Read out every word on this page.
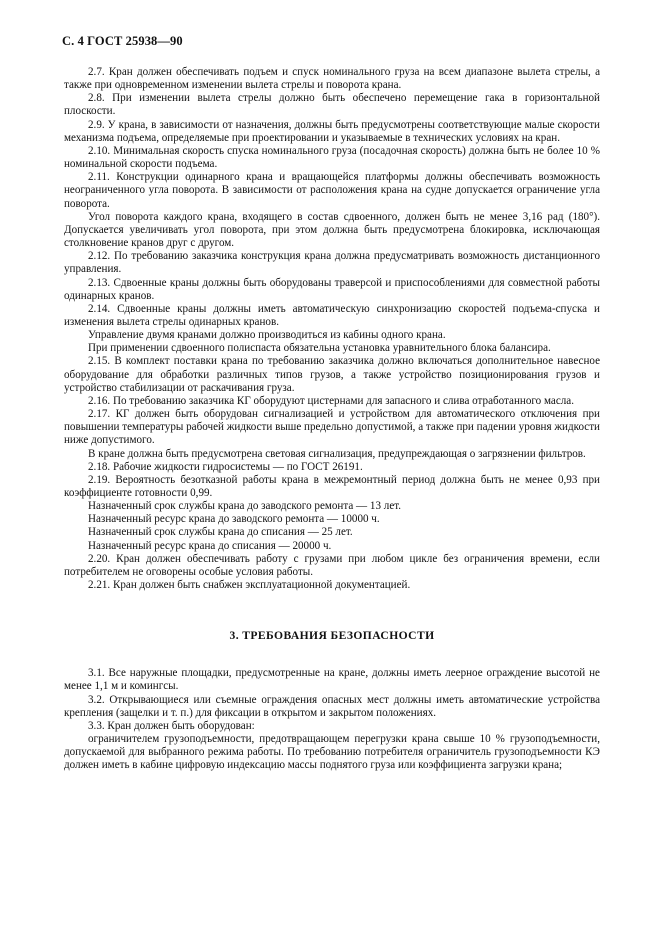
С. 4 ГОСТ 25938—90

2.7. Кран должен обеспечивать подъем и спуск номинального груза на всем диапазоне вылета стрелы, а также при одновременном изменении вылета стрелы и поворота крана.

2.8. При изменении вылета стрелы должно быть обеспечено перемещение гака в горизонтальной плоскости.

2.9. У крана, в зависимости от назначения, должны быть предусмотрены соответствующие малые скорости механизма подъема, определяемые при проектировании и указываемые в технических условиях на кран.

2.10. Минимальная скорость спуска номинального груза (посадочная скорость) должна быть не более 10 % номинальной скорости подъема.

2.11. Конструкции одинарного крана и вращающейся платформы должны обеспечивать возможность неограниченного угла поворота. В зависимости от расположения крана на судне допускается ограничение угла поворота.

Угол поворота каждого крана, входящего в состав сдвоенного, должен быть не менее 3,16 рад (180°). Допускается увеличивать угол поворота, при этом должна быть предусмотрена блокировка, исключающая столкновение кранов друг с другом.

2.12. По требованию заказчика конструкция крана должна предусматривать возможность дистанционного управления.

2.13. Сдвоенные краны должны быть оборудованы траверсой и приспособлениями для совместной работы одинарных кранов.

2.14. Сдвоенные краны должны иметь автоматическую синхронизацию скоростей подъема-спуска и изменения вылета стрелы одинарных кранов.

Управление двумя кранами должно производиться из кабины одного крана.

При применении сдвоенного полиспаста обязательна установка уравнительного блока балансира.

2.15. В комплект поставки крана по требованию заказчика должно включаться дополнительное навесное оборудование для обработки различных типов грузов, а также устройство позиционирования грузов и устройство стабилизации от раскачивания груза.

2.16. По требованию заказчика КГ оборудуют цистернами для запасного и слива отработанного масла.

2.17. КГ должен быть оборудован сигнализацией и устройством для автоматического отключения при повышении температуры рабочей жидкости выше предельно допустимой, а также при падении уровня жидкости ниже допустимого.

В кране должна быть предусмотрена световая сигнализация, предупреждающая о загрязнении фильтров.

2.18. Рабочие жидкости гидросистемы — по ГОСТ 26191.

2.19. Вероятность безотказной работы крана в межремонтный период должна быть не менее 0,93 при коэффициенте готовности 0,99.

Назначенный срок службы крана до заводского ремонта — 13 лет.

Назначенный ресурс крана до заводского ремонта — 10000 ч.

Назначенный срок службы крана до списания — 25 лет.

Назначенный ресурс крана до списания — 20000 ч.

2.20. Кран должен обеспечивать работу с грузами при любом цикле без ограничения времени, если потребителем не оговорены особые условия работы.

2.21. Кран должен быть снабжен эксплуатационной документацией.

3. ТРЕБОВАНИЯ БЕЗОПАСНОСТИ

3.1. Все наружные площадки, предусмотренные на кране, должны иметь леерное ограждение высотой не менее 1,1 м и комингсы.

3.2. Открывающиеся или съемные ограждения опасных мест должны иметь автоматические устройства крепления (защелки и т. п.) для фиксации в открытом и закрытом положениях.

3.3. Кран должен быть оборудован:

ограничителем грузоподъемности, предотвращающем перегрузки крана свыше 10 % грузоподъемности, допускаемой для выбранного режима работы. По требованию потребителя ограничитель грузоподъемности КЭ должен иметь в кабине цифровую индексацию массы поднятого груза или коэффициента загрузки крана;
